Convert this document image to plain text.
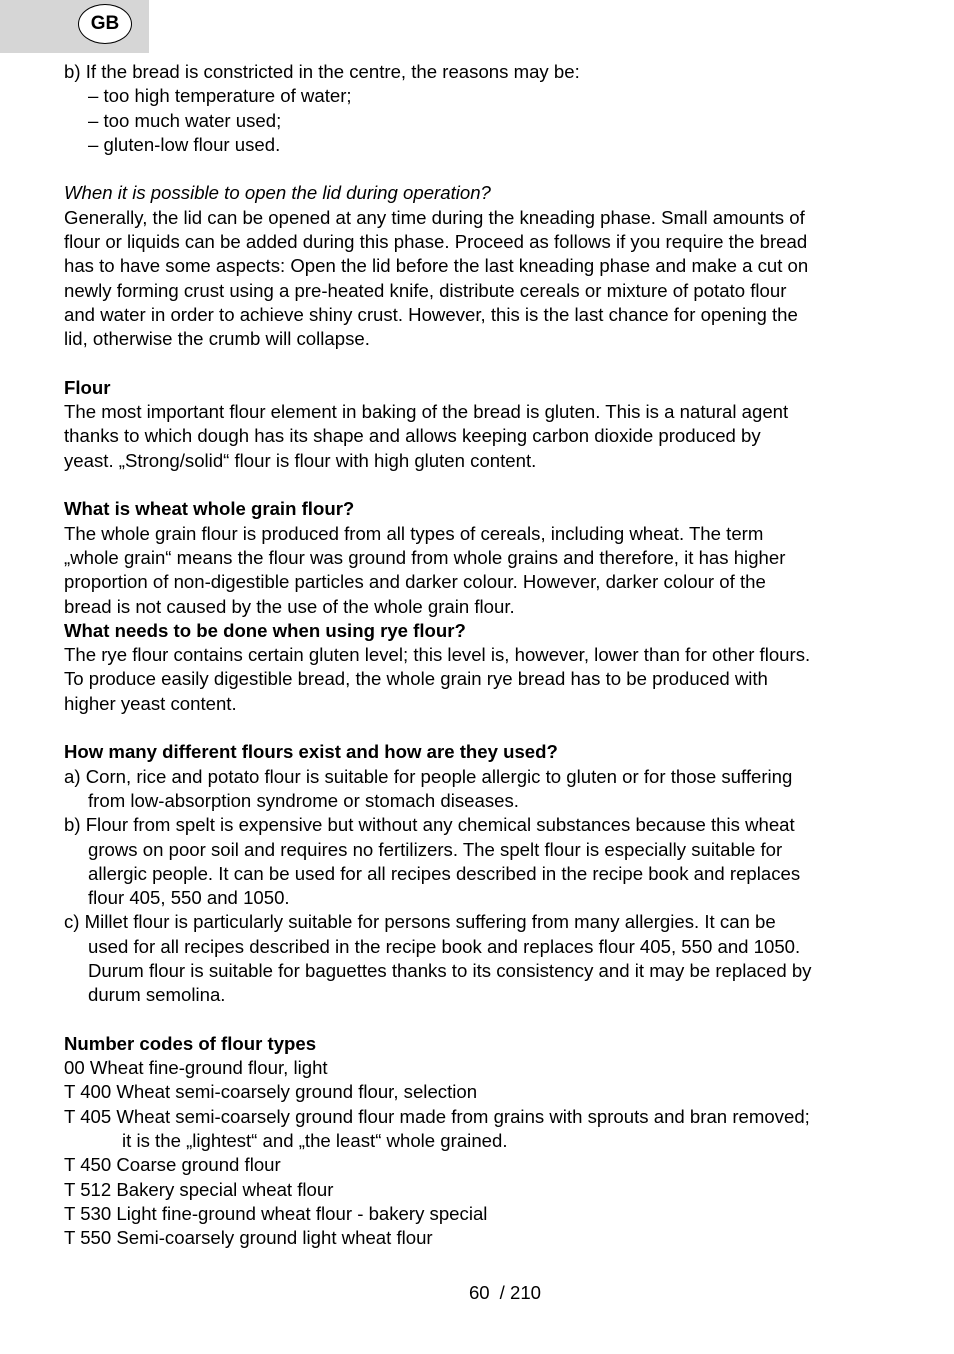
GB
b) If the bread is constricted in the centre, the reasons may be:
– too high temperature of water;
– too much water used;
– gluten-low flour used.
When it is possible to open the lid during operation?
Generally, the lid can be opened at any time during the kneading phase. Small amounts of
flour or liquids can be added during this phase. Proceed as follows if you require the bread
has to have some aspects: Open the lid before the last kneading phase and make a cut on
newly forming crust using a pre-heated knife, distribute cereals or mixture of potato flour
and water in order to achieve shiny crust. However, this is the last chance for opening the
lid, otherwise the crumb will collapse.
Flour
The most important flour element in baking of the bread is gluten. This is a natural agent
thanks to which dough has its shape and allows keeping carbon dioxide produced by
yeast. „Strong/solid“ flour is flour with high gluten content.
What is wheat whole grain flour?
The whole grain flour is produced from all types of cereals, including wheat. The term
„whole grain“ means the flour was ground from whole grains and therefore, it has higher
proportion of non-digestible particles and darker colour. However, darker colour of the
bread is not caused by the use of the whole grain flour.
What needs to be done when using rye flour?
The rye flour contains certain gluten level; this level is, however, lower than for other flours.
To produce easily digestible bread, the whole grain rye bread has to be produced with
higher yeast content.
How many different flours exist and how are they used?
a) Corn, rice and potato flour is suitable for people allergic to gluten or for those suffering
from low-absorption syndrome or stomach diseases.
b) Flour from spelt is expensive but without any chemical substances because this wheat
grows on poor soil and requires no fertilizers. The spelt flour is especially suitable for
allergic people. It can be used for all recipes described in the recipe book and replaces
flour 405, 550 and 1050.
c) Millet flour is particularly suitable for persons suffering from many allergies. It can be
used for all recipes described in the recipe book and replaces flour 405, 550 and 1050.
Durum flour is suitable for baguettes thanks to its consistency and it may be replaced by
durum semolina.
Number codes of flour types
00 Wheat fine-ground flour, light
T 400 Wheat semi-coarsely ground flour, selection
T 405 Wheat semi-coarsely ground flour made from grains with sprouts and bran removed;
it is the „lightest“ and „the least“ whole grained.
T 450 Coarse ground flour
T 512 Bakery special wheat flour
T 530 Light fine-ground wheat flour - bakery special
T 550 Semi-coarsely ground light wheat flour
60 / 210
